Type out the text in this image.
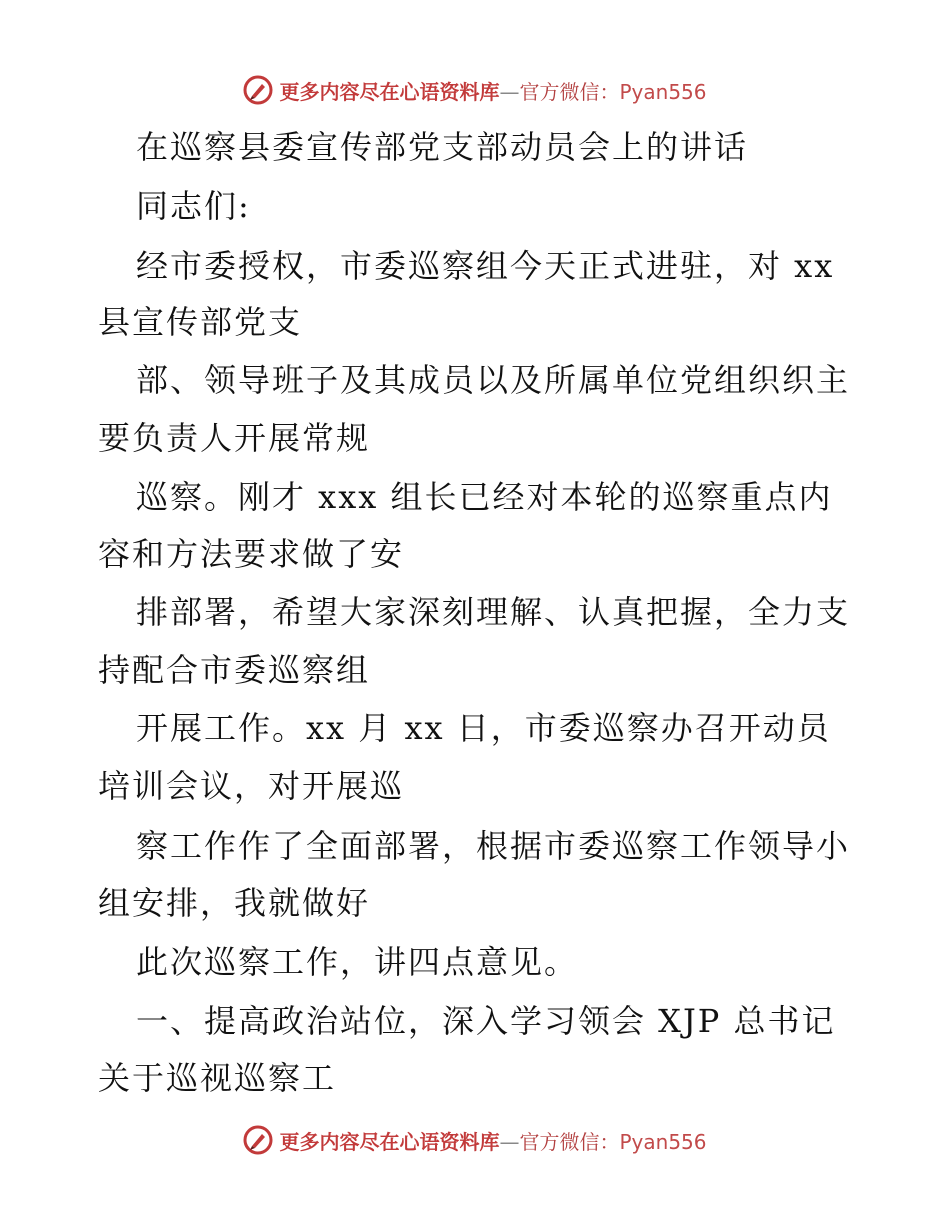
更多内容尽在心语资料库—官方微信：Pyan556
在巡察县委宣传部党支部动员会上的讲话
同志们:
经市委授权，市委巡察组今天正式进驻，对 xx
县宣传部党支
部、领导班子及其成员以及所属单位党组织织主
要负责人开展常规
巡察。刚才 xxx 组长已经对本轮的巡察重点内
容和方法要求做了安
排部署，希望大家深刻理解、认真把握，全力支
持配合市委巡察组
开展工作。xx 月 xx 日，市委巡察办召开动员
培训会议，对开展巡
察工作作了全面部署，根据市委巡察工作领导小
组安排，我就做好
此次巡察工作，讲四点意见。
一、提高政治站位，深入学习领会 XJP 总书记
关于巡视巡察工
更多内容尽在心语资料库—官方微信：Pyan556
